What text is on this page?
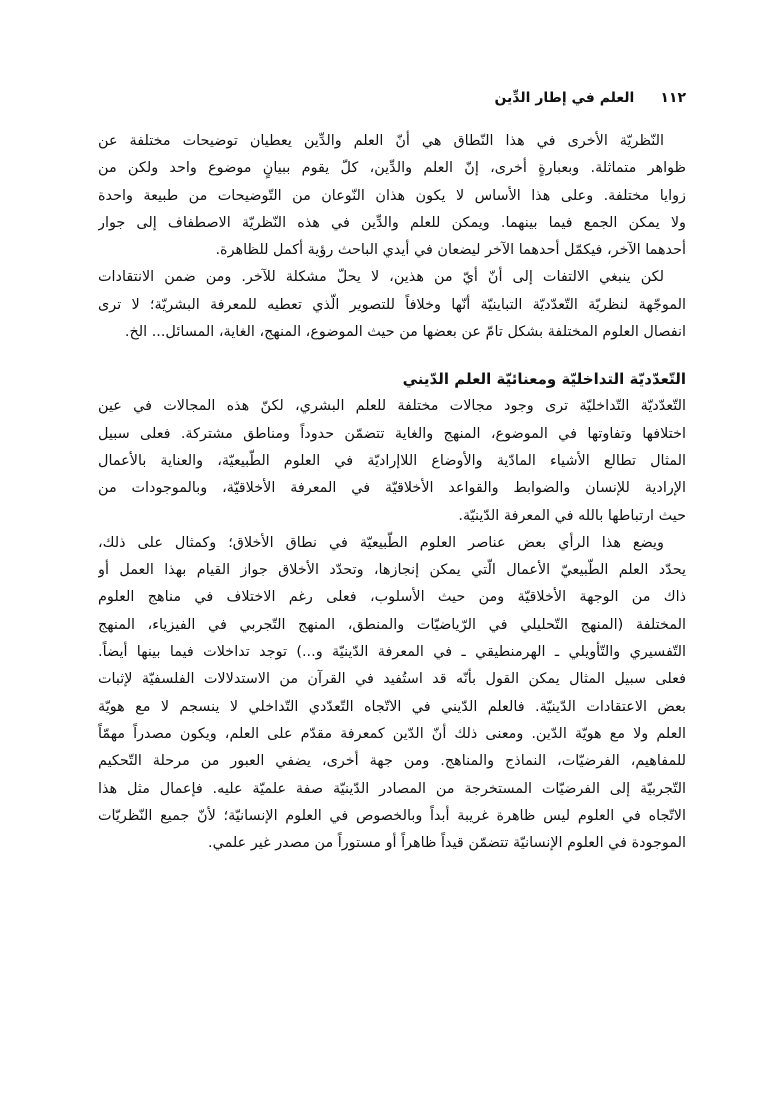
١١٢
العلم في إطار الدِّين
النّظريّة الأخرى في هذا النّطاق هي أنّ العلم والدِّين يعطيان توضيحات مختلفة عن
ظواهر متماثلة. وبعبارةٍ أخرى، إنّ العلم والدِّين، كلّ يقوم ببيانٍ موضوع واحد ولكن من
زوايا مختلفة. وعلى هذا الأساس لا يكون هذان النّوعان من التّوضيحات من طبيعة واحدة
ولا يمكن الجمع فيما بينهما. ويمكن للعلم والدِّين في هذه النّظريّة الاصطفاف إلى جوار
أحدهما الآخر، فيكمّل أحدهما الآخر ليضعان في أيدي الباحث رؤية أكمل للظاهرة.
لكن ينبغي الالتفات إلى أنّ أيّ من هذين، لا يحلّ مشكلة للآخر. ومن ضمن الانتقادات
الموجّهة لنظريّة التّعدّديّة التباينيّة أنّها وخلافاً للتصوير الّذي تعطيه للمعرفة البشريّة؛ لا ترى
انفصال العلوم المختلفة بشكل تامّ عن بعضها من حيث الموضوع، المنهج، الغاية، المسائل... الخ.
التّعدّديّة التداخليّة ومعنائيّة العلم الدّيني
التّعدّديّة التّداخليّة ترى وجود مجالات مختلفة للعلم البشري، لكنّ هذه المجالات في عين
اختلافها وتفاوتها في الموضوع، المنهج والغاية تتضمّن حدوداً ومناطق مشتركة. فعلى سبيل
المثال تطالع الأشياء المادّية والأوضاع اللاإراديّة في العلوم الطّبيعيّة، والعناية بالأعمال
الإرادية للإنسان والضوابط والقواعد الأخلاقيّة في المعرفة الأخلاقيّة، وبالموجودات من
حيث ارتباطها بالله في المعرفة الدّينيّة.
ويضع هذا الرأي بعض عناصر العلوم الطّبيعيّة في نطاق الأخلاق؛ وكمثال على ذلك،
يحدّد العلم الطّبيعيّ الأعمال الّتي يمكن إنجازها، وتحدّد الأخلاق جواز القيام بهذا العمل أو
ذاك من الوجهة الأخلاقيّة ومن حيث الأسلوب، فعلى رغم الاختلاف في مناهج العلوم
المختلفة (المنهج التّحليلي في الرّياضيّات والمنطق، المنهج التّجربي في الفيزياء، المنهج
التّفسيري والتّأويلي ـ الهرمنطيقي ـ في المعرفة الدّينيّة و...) توجد تداخلات فيما بينها أيضاً.
فعلى سبيل المثال يمكن القول بأنّه قد استُفيد في القرآن من الاستدلالات الفلسفيّة لإثبات
بعض الاعتقادات الدّينيّة. فالعلم الدّيني في الاتّجاه التّعدّدي التّداخلي لا ينسجم لا مع هويّة
العلم ولا مع هويّة الدّين. ومعنى ذلك أنّ الدّين كمعرفة مقدّم على العلم، ويكون مصدراً مهمّاً
للمفاهيم، الفرضيّات، النماذج والمناهج. ومن جهة أخرى، يضفي العبور من مرحلة التّحكيم
التّجربيّة إلى الفرضيّات المستخرجة من المصادر الدّينيّة صفة علميّة عليه. فإعمال مثل هذا
الاتّجاه في العلوم ليس ظاهرة غريبة أبداً وبالخصوص في العلوم الإنسانيّة؛ لأنّ جميع النّظريّات
الموجودة في العلوم الإنسانيّة تتضمّن قيداً ظاهراً أو مستوراً من مصدر غير علمي.
